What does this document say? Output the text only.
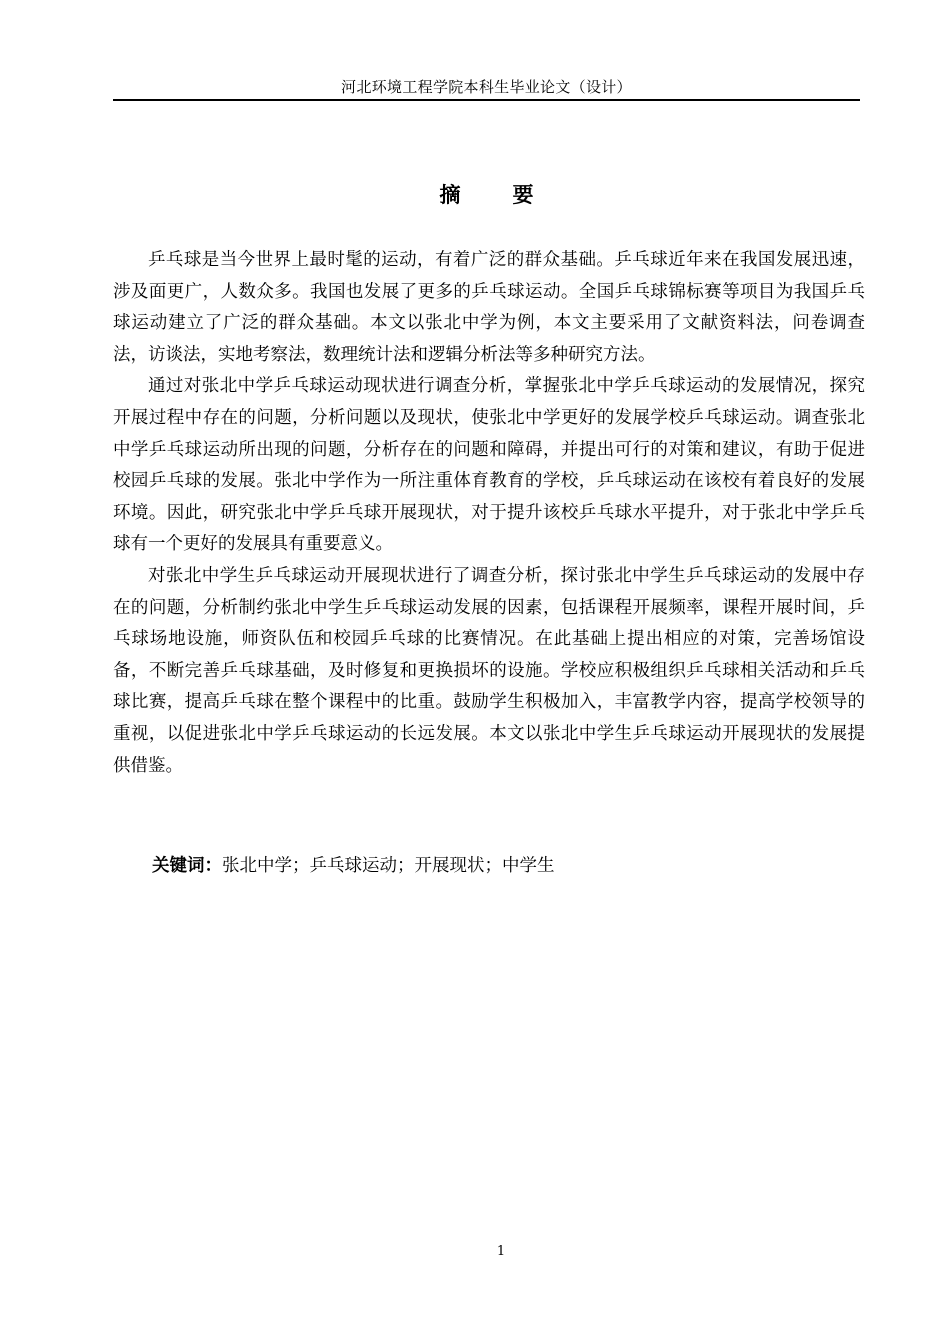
河北环境工程学院本科生毕业论文（设计）
摘要

乒乓球是当今世界上最时髦的运动，有着广泛的群众基础。乒乓球近年来在我国发展迅速，涉及面更广，人数众多。我国也发展了更多的乒乓球运动。全国乒乓球锦标赛等项目为我国乒乓球运动建立了广泛的群众基础。本文以张北中学为例，本文主要采用了文献资料法，问卷调查法，访谈法，实地考察法，数理统计法和逻辑分析法等多种研究方法。

通过对张北中学乒乓球运动现状进行调查分析，掌握张北中学乒乓球运动的发展情况，探究开展过程中存在的问题，分析问题以及现状，使张北中学更好的发展学校乒乓球运动。调查张北中学乒乓球运动所出现的问题，分析存在的问题和障碍，并提出可行的对策和建议，有助于促进校园乒乓球的发展。张北中学作为一所注重体育教育的学校，乒乓球运动在该校有着良好的发展环境。因此，研究张北中学乒乓球开展现状，对于提升该校乒乓球水平提升，对于张北中学乒乓球有一个更好的发展具有重要意义。

对张北中学生乒乓球运动开展现状进行了调查分析，探讨张北中学生乒乓球运动的发展中存在的问题，分析制约张北中学生乒乓球运动发展的因素，包括课程开展频率，课程开展时间，乒乓球场地设施，师资队伍和校园乒乓球的比赛情况。在此基础上提出相应的对策，完善场馆设备，不断完善乒乓球基础，及时修复和更换损坏的设施。学校应积极组织乒乓球相关活动和乒乓球比赛，提高乒乓球在整个课程中的比重。鼓励学生积极加入，丰富教学内容，提高学校领导的重视，以促进张北中学乒乓球运动的长远发展。本文以张北中学生乒乓球运动开展现状的发展提供借鉴。

关键词：张北中学；乒乓球运动；开展现状；中学生
1
